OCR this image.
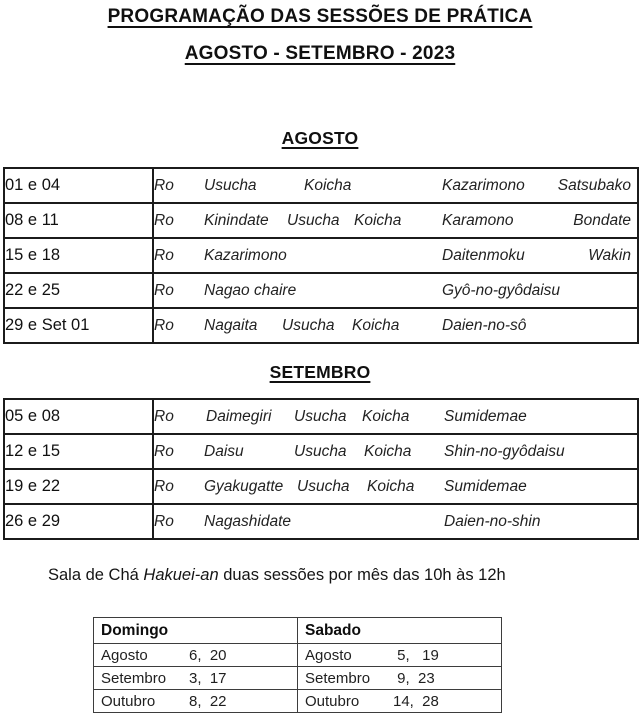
PROGRAMAÇÃO DAS SESSÕES DE PRÁTICA
AGOSTO - SETEMBRO - 2023
AGOSTO
01 e 04	Ro Usucha Koicha Kazarimono Satsubako

08 e 11	Ro Kinindate Usucha Koicha	Karamono	Bondate

15 e 18	Ro Kazarimono Daitenmoku Wakin

22 e 25	Ro Nagao chaire Gyô-no-gyôdaisu

29 e Set 01	Ro Nagaita Usucha Koicha Daien-no-sô
SETEMBRO
05 e 08	Ro Daimegiri Usucha Koicha Sumidemae

12 e 15	Ro Daisu Usucha Koicha Shin-no-gyôdaisu

19 e 22	Ro Gyakugatte Usucha Koicha Sumidemae

26 e 29	Ro Nagashidate Daien-no-shin

Sala de Chá Hakuei-an duas sessões por mês das 10h às 12h

Domingo	Sabado
Agosto 6,  20	Agosto 5,   19
Setembro 3,  17	Setembro 9,  23
Outubro 8,  22	Outubro 14,  28
